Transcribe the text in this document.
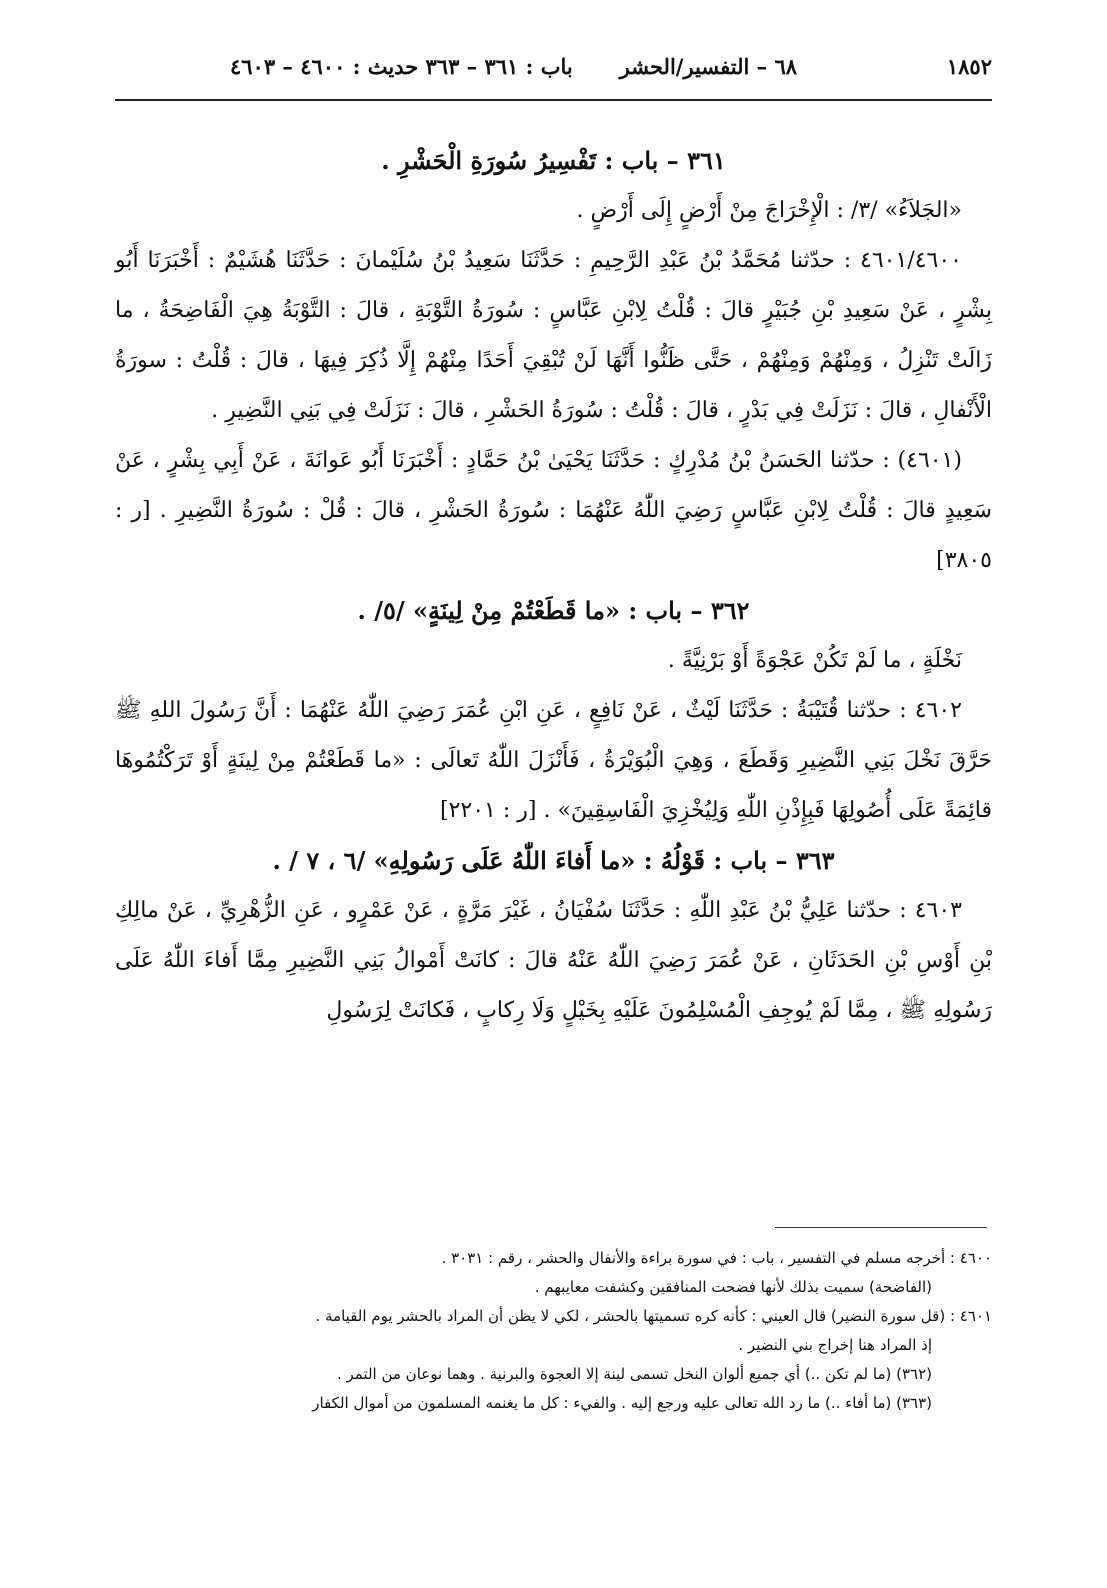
١٨٥٢
٦٨ – التفسير/الحشر
باب : ٣٦١ – ٣٦٣ حديث : ٤٦٠٠ – ٤٦٠٣

٣٦١ – باب : تَفْسِيرُ سُورَةِ الْحَشْرِ .

«الجَلاَءُ» /٣/ : الْإِخْرَاجَ مِنْ أَرْضٍ إِلَى أَرْضٍ .

٤٦٠١/٤٦٠٠ : حدّثنا مُحَمَّدُ بْنُ عَبْدِ الرَّحِيمِ : حَدَّثَنَا سَعِيدُ بْنُ سُلَيْمانَ : حَدَّثَنَا هُشَيْمٌ : أَخْبَرَنَا أَبُو بِشْرٍ ، عَنْ سَعِيدِ بْنِ جُبَيْرٍ قالَ : قُلْتُ لِابْنِ عَبَّاسٍ : سُورَةُ التَّوْبَةِ ، قالَ : التَّوْبَةُ هِيَ الْفَاضِحَةُ ، ما زَالَتْ تَنْزِلُ ، وَمِنْهُمْ وَمِنْهُمْ ، حَتَّى ظَنُّوا أَنَّهَا لَنْ تُبْقِيَ أَحَدًا مِنْهُمْ إِلَّا ذُكِرَ فِيهَا ، قالَ : قُلْتُ : سورَةُ الْأَنْفالِ ، قالَ : نَزَلَتْ فِي بَدْرٍ ، قالَ : قُلْتُ : سُورَةُ الحَشْرِ ، قالَ : نَزَلَتْ فِي بَنِي النَّضِيرِ .

(٤٦٠١) : حدّثنا الحَسَنُ بْنُ مُدْرِكٍ : حَدَّثَنَا يَحْيَىٰ بْنُ حَمَّادٍ : أَخْبَرَنَا أَبُو عَوانَةَ ، عَنْ أَبِي بِشْرٍ ، عَنْ سَعِيدٍ قالَ : قُلْتُ لِابْنِ عَبَّاسٍ رَضِيَ اللّٰهُ عَنْهُمَا : سُورَةُ الحَشْرِ ، قالَ : قُلْ : سُورَةُ النَّضِيرِ . [ر : ٣٨٠٥]

٣٦٢ – باب : «ما قَطَعْتُمْ مِنْ لِينَةٍ» /٥/ .

نَخْلَةٍ ، ما لَمْ تَكُنْ عَجْوَةً أَوْ بَرْنِيَّةً .

٤٦٠٢ : حدّثنا قُتَيْبَةُ : حَدَّثَنَا لَيْثٌ ، عَنْ نَافِعٍ ، عَنِ ابْنِ عُمَرَ رَضِيَ اللّٰهُ عَنْهُمَا : أَنَّ رَسُولَ اللهِ ﷺ حَرَّقَ نَخْلَ بَنِي النَّضِيرِ وَقَطَعَ ، وَهِيَ الْبُوَيْرَةُ ، فَأَنْزَلَ اللّٰهُ تَعالَى : «ما قَطَعْتُمْ مِنْ لِينَةٍ أَوْ تَرَكْتُمُوهَا قائِمَةً عَلَى أُصُولِهَا فَبِإِذْنِ اللّٰهِ وَلِيُخْزِيَ الْفَاسِقِينَ» . [ر : ٢٢٠١]

٣٦٣ – باب : قَوْلُهُ : «ما أَفاءَ اللّٰهُ عَلَى رَسُولِهِ» /٦ ، ٧ / .

٤٦٠٣ : حدّثنا عَلِيُّ بْنُ عَبْدِ اللّٰهِ : حَدَّثَنَا سُفْيَانُ ، غَيْرَ مَرَّةٍ ، عَنْ عَمْرٍو ، عَنِ الزُّهْرِيِّ ، عَنْ مالِكِ بْنِ أَوْسِ بْنِ الحَدَثَانِ ، عَنْ عُمَرَ رَضِيَ اللّٰهُ عَنْهُ قالَ : كانَتْ أَمْوالُ بَنِي النَّضِيرِ مِمَّا أَفاءَ اللّٰهُ عَلَى رَسُولِهِ ﷺ ، مِمَّا لَمْ يُوجِفِ الْمُسْلِمُونَ عَلَيْهِ بِخَيْلٍ وَلَا رِكابٍ ، فَكانَتْ لِرَسُولِ

٤٦٠٠ : أخرجه مسلم في التفسير ، باب : في سورة براءة والأنفال والحشر ، رقم : ٣٠٣١ .

(الفاضحة) سميت بذلك لأنها فضحت المنافقين وكشفت معايبهم .

٤٦٠١ : (قل سورة النضير) قال العيني : كأنه كره تسميتها بالحشر ، لكي لا يظن أن المراد بالحشر يوم القيامة .

إذ المراد هنا إخراج بني النضير .

(٣٦٢) (ما لم تكن ..) أي جميع ألوان النخل تسمى لينة إلا العجوة والبرنية . وهما نوعان من التمر .

(٣٦٣) (ما أفاء ..) ما رد الله تعالى عليه ورجع إليه . والفيء : كل ما يغنمه المسلمون من أموال الكفار
